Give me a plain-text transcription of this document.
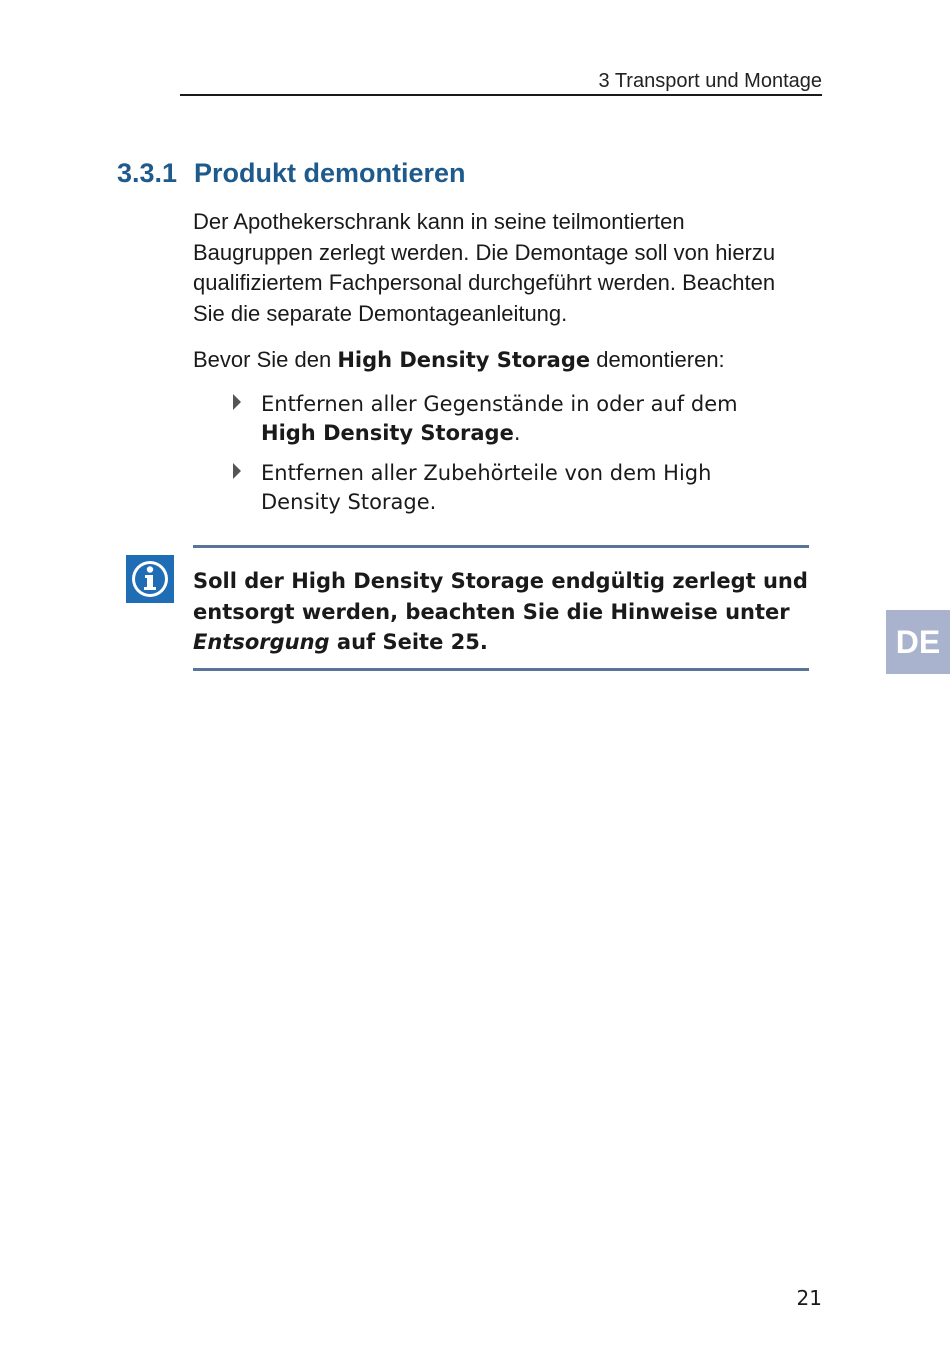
3 Transport und Montage
3.3.1 Produkt demontieren

Der Apothekerschrank kann in seine teilmontierten Baugruppen zerlegt werden. Die Demontage soll von hierzu qualifiziertem Fachpersonal durchgeführt werden. Beachten Sie die separate Demontageanleitung.

Bevor Sie den High Density Storage demontieren:

Entfernen aller Gegenstände in oder auf dem High Density Storage.
Entfernen aller Zubehörteile von dem High Density Storage.

Soll der High Density Storage endgültig zerlegt und entsorgt werden, beachten Sie die Hinweise unter Entsorgung auf Seite 25.	DE
21
